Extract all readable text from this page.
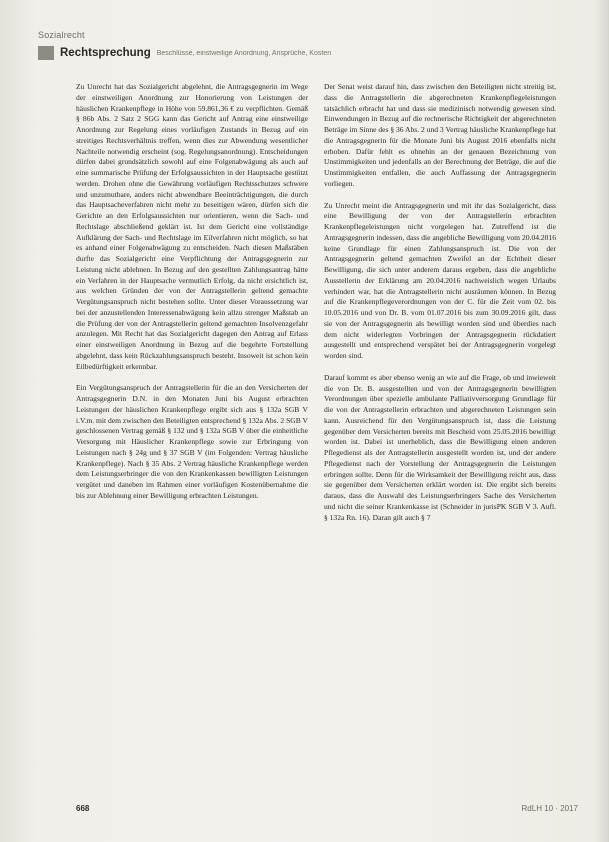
Sozialrecht
Rechtsprechung Beschlüsse, einstweilige Anordnung, Ansprüche, Kosten

Zu Unrecht hat das Sozialgericht abgelehnt, die Antragsgegnerin im Wege der einstweiligen Anordnung zur Honorierung von Leistungen der häuslichen Krankenpflege in Höhe von 59.861,36 € zu verpflichten. Gemäß § 86b Abs. 2 Satz 2 SGG kann das Gericht auf Antrag eine einstweilige Anordnung zur Regelung eines vorläufigen Zustands in Bezug auf ein streitiges Rechtsverhältnis treffen, wenn dies zur Abwendung wesentlicher Nachteile notwendig erscheint (sog. Regelungsanordnung). Entscheidungen dürfen dabei grundsätzlich sowohl auf eine Folgenabwägung als auch auf eine summarische Prüfung der Erfolgsaussichten in der Hauptsache gestützt werden. Drohen ohne die Gewährung vorläufigen Rechtsschutzes schwere und unzumutbare, anders nicht abwendbare Beeinträchtigungen, die durch das Hauptsacheverfahren nicht mehr zu beseitigen wären, dürfen sich die Gerichte an den Erfolgsaussichten nur orientieren, wenn die Sach- und Rechtslage abschließend geklärt ist. Ist dem Gericht eine vollständige Aufklärung der Sach- und Rechtslage im Eilverfahren nicht möglich, so hat es anhand einer Folgenabwägung zu entscheiden. Nach diesen Maßstäben durfte das Sozialgericht eine Verpflichtung der Antragsgegnerin zur Leistung nicht ablehnen. In Bezug auf den gestellten Zahlungsantrag hätte ein Verfahren in der Hauptsache vermutlich Erfolg, da nicht ersichtlich ist, aus welchen Gründen der von der Antragstellerin geltend gemachte Vergütungsanspruch nicht bestehen sollte. Unter dieser Voraussetzung war bei der anzustellenden Interessenabwägung kein allzu strenger Maßstab an die Prüfung der von der Antragstellerin geltend gemachten Insolvenzgefahr anzulegen. Mit Recht hat das Sozialgericht dagegen den Antrag auf Erlass einer einstweiligen Anordnung in Bezug auf die begehrte Fortstellung abgelehnt, dass kein Rückzahlungsanspruch besteht. Insoweit ist schon kein Eilbedürftigkeit erkennbar.

Ein Vergütungsanspruch der Antragstellerin für die an den Versicherten der Antragsgegnerin D.N. in den Monaten Juni bis August erbrachten Leistungen der häuslichen Krankenpflege ergibt sich aus § 132a SGB V i.V.m. mit dem zwischen den Beteiligten entsprechend § 132a Abs. 2 SGB V geschlossenen Vertrag gemäß § 132 und § 132a SGB V über die einheitliche Versorgung mit Häuslicher Krankenpflege sowie zur Erbringung von Leistungen nach § 24g und § 37 SGB V (im Folgenden: Vertrag häusliche Krankenpflege). Nach § 35 Abs. 2 Vertrag häusliche Krankenpflege werden dem Leistungserbringer die von den Krankenkassen bewilligten Leistungen vergütet und daneben im Rahmen einer vorläufigen Kostenübernahme die bis zur Ablehnung einer Bewilligung erbrachten Leistungen.

Der Senat weist darauf hin, dass zwischen den Beteiligten nicht streitig ist, dass die Antragstellerin die abgerechneten Krankenpflegeleistungen tatsächlich erbracht hat und dass sie medizinisch notwendig gewesen sind. Einwendungen in Bezug auf die rechnerische Richtigkeit der abgerechneten Beträge im Sinne des § 36 Abs. 2 und 3 Vertrag häusliche Krankenpflege hat die Antragsgegnerin für die Monate Juni bis August 2016 ebenfalls nicht erhoben. Dafür fehlt es ohnehin an der genauen Bezeichnung von Unstimmigkeiten und jedenfalls an der Berechnung der Beträge, die auf die Unstimmigkeiten entfallen, die auch Auffassung der Antragsgegnerin vorliegen.

Zu Unrecht meint die Antragsgegnerin und mit ihr das Sozialgericht, dass eine Bewilligung der von der Antragstellerin erbrachten Krankenpflegeleistungen nicht vorgelegen hat. Zutreffend ist die Antragsgegnerin indessen, dass die angebliche Bewilligung vom 20.04.2016 keine Grundlage für einen Zahlungsanspruch ist. Die von der Antragsgegnerin geltend gemachten Zweifel an der Echtheit dieser Bewilligung, die sich unter anderem daraus ergeben, dass die angebliche Ausstellerin der Erklärung am 20.04.2016 nachweislich wegen Urlaubs verhindert war, hat die Antragstellerin nicht ausräumen können. In Bezug auf die Krankenpflegeverordnungen von der C. für die Zeit vom 02. bis 10.05.2016 und von Dr. B. vom 01.07.2016 bis zum 30.09.2016 gilt, dass sie von der Antragsgegnerin als bewilligt worden sind und überdies nach dem nicht widerlegten Vorbringen der Antragsgegnerin rückdatiert ausgestellt und entsprechend verspätet bei der Antragsgegnerin vorgelegt worden sind.

Darauf kommt es aber ebenso wenig an wie auf die Frage, ob und inwieweit die von Dr. B. ausgestellten und von der Antragsgegnerin bewilligten Verordnungen über spezielle ambulante Palliativversorgung Grundlage für die von der Antragstellerin erbrachten und abgerechneten Leistungen sein kann. Ausreichend für den Vergütungsanspruch ist, dass die Leistung gegenüber dem Versicherten bereits mit Bescheid vom 25.05.2016 bewilligt worden ist. Dabei ist unerheblich, dass die Bewilligung einen anderen Pflegedienst als der Antragstellerin ausgestellt worden ist, und der andere Pflegedienst nach der Vorstellung der Antragsgegnerin die Leistungen erbringen sollte. Denn für die Wirksamkeit der Bewilligung reicht aus, dass sie gegenüber dem Versicherten erklärt worden ist. Die ergibt sich bereits daraus, dass die Auswahl des Leistungserbringers Sache des Versicherten und nicht die seiner Krankenkasse ist (Schneider in jurisPK SGB V 3. Aufl. § 132a Rn. 16). Daran gilt auch § 7

668	RdLH 10 · 2017
